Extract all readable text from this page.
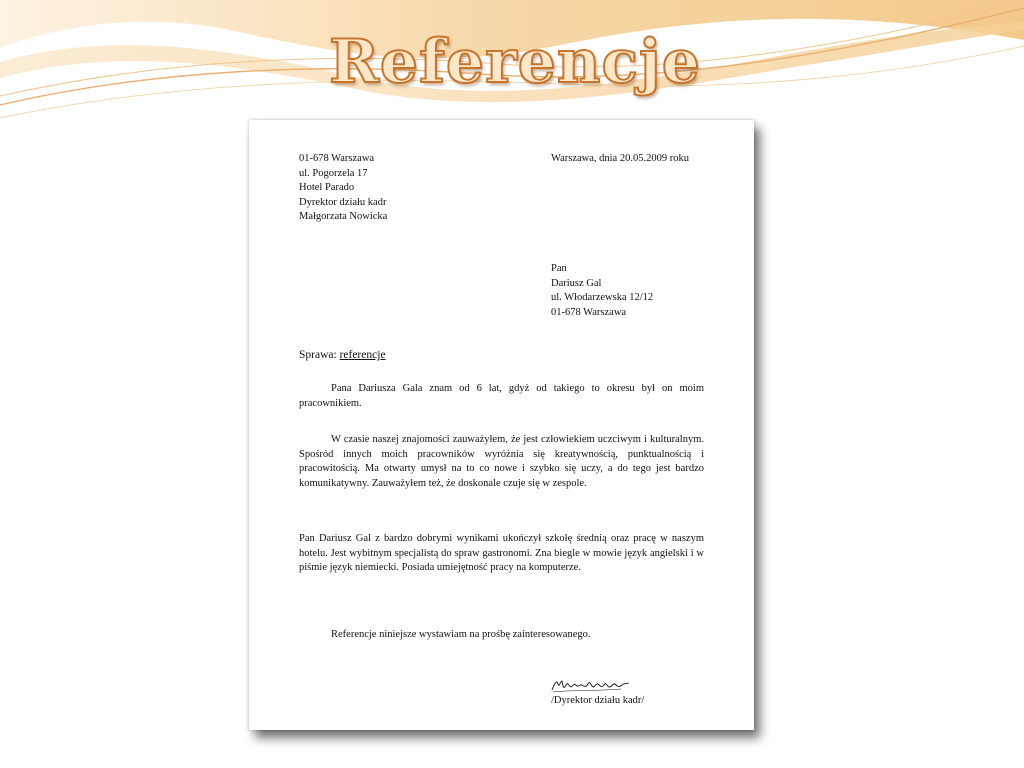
Referencje
01-678 Warszawa
ul. Pogorzela 17
Hotel Parado
Dyrektor działu kadr
Małgorzata Nowicka
Warszawa, dnia 20.05.2009 roku
Pan
Dariusz Gal
ul. Włodarzewska 12/12
01-678 Warszawa
Sprawa: referencje

Pana Dariusza Gala znam od 6 lat, gdyż od takiego to okresu był on moim pracownikiem.

W czasie naszej znajomości zauważyłem, że jest człowiekiem uczciwym i kulturalnym. Spośród innych moich pracowników wyróżnia się kreatywnością, punktualnością i pracowitością. Ma otwarty umysł na to co nowe i szybko się uczy, a do tego jest bardzo komunikatywny. Zauważyłem też, że doskonale czuje się w zespole.

Pan Dariusz Gal z bardzo dobrymi wynikami ukończył szkołę średnią oraz pracę w naszym hotelu. Jest wybitnym specjalistą do spraw gastronomi. Zna biegle w mowie język angielski i w piśmie język niemiecki. Posiada umiejętność pracy na komputerze.

Referencje niniejsze wystawiam na prośbę zainteresowanego.

/Dyrektor działu kadr/
